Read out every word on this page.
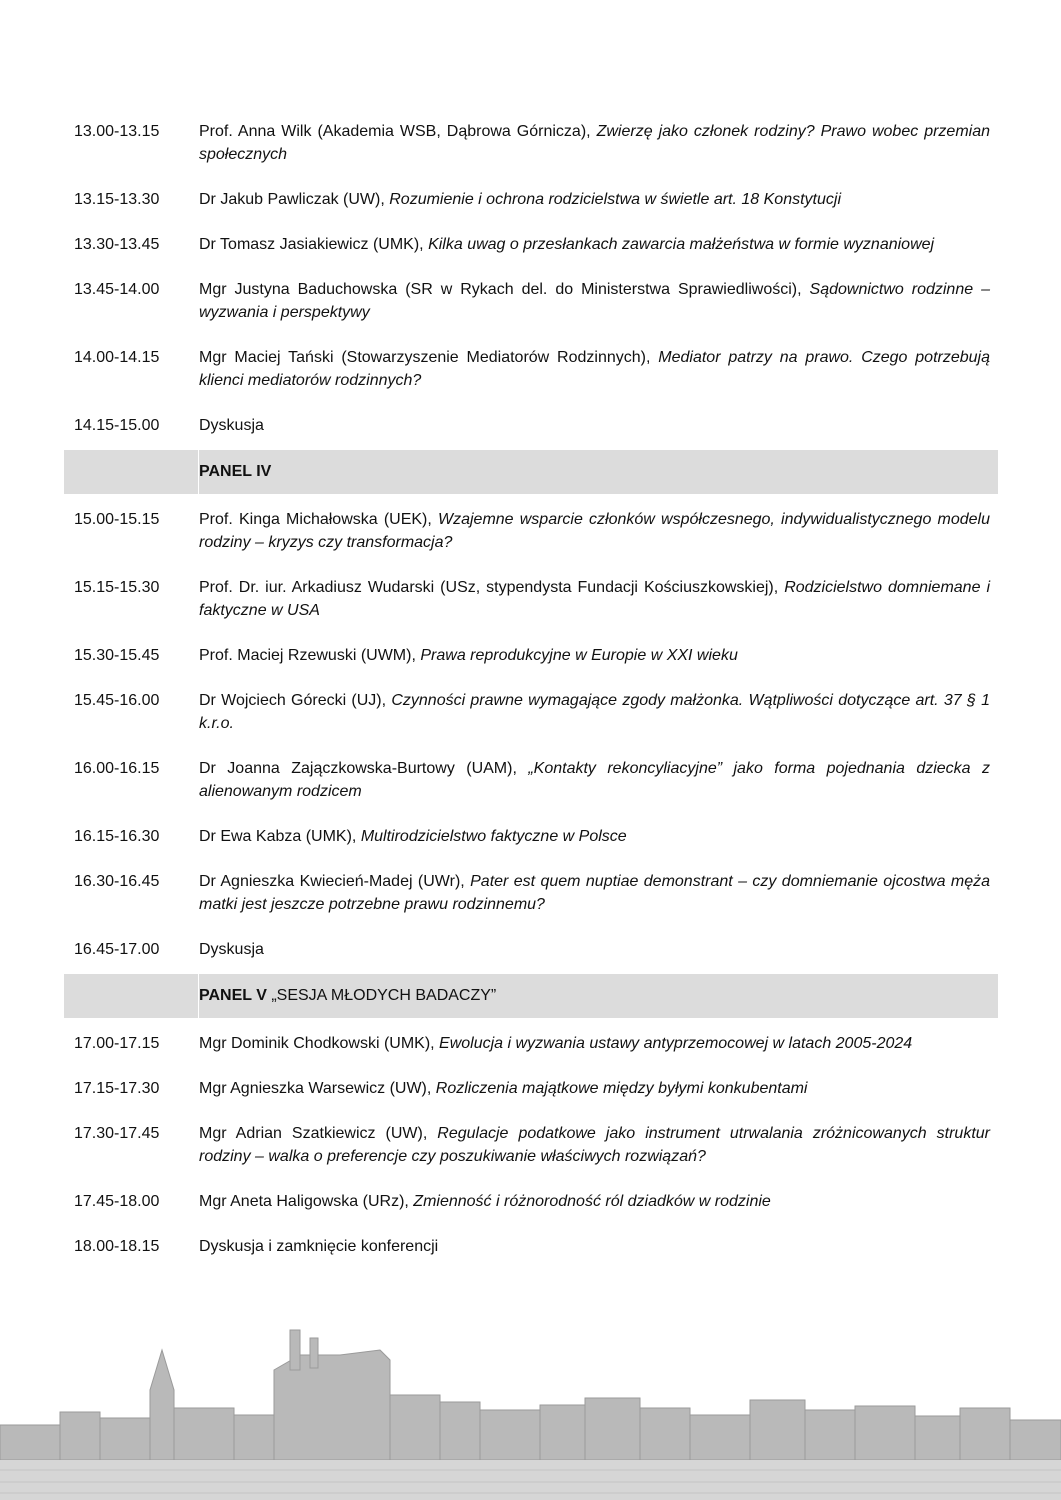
13.00-13.15	Prof. Anna Wilk (Akademia WSB, Dąbrowa Górnicza), Zwierzę jako członek rodziny? Prawo wobec przemian społecznych
13.15-13.30	Dr Jakub Pawliczak (UW), Rozumienie i ochrona rodzicielstwa w świetle art. 18 Konstytucji
13.30-13.45	Dr Tomasz Jasiakiewicz (UMK), Kilka uwag o przesłankach zawarcia małżeństwa w formie wyznaniowej
13.45-14.00	Mgr Justyna Baduchowska (SR w Rykach del. do Ministerstwa Sprawiedliwości), Sądownictwo rodzinne – wyzwania i perspektywy
14.00-14.15	Mgr Maciej Tański (Stowarzyszenie Mediatorów Rodzinnych), Mediator patrzy na prawo. Czego potrzebują klienci mediatorów rodzinnych?
14.15-15.00	Dyskusja
PANEL IV
15.00-15.15	Prof. Kinga Michałowska (UEK), Wzajemne wsparcie członków współczesnego, indywidualistycznego modelu rodziny – kryzys czy transformacja?
15.15-15.30	Prof. Dr. iur. Arkadiusz Wudarski (USz, stypendysta Fundacji Kościuszkowskiej), Rodzicielstwo domniemane i faktyczne w USA
15.30-15.45	Prof. Maciej Rzewuski (UWM), Prawa reprodukcyjne w Europie w XXI wieku
15.45-16.00	Dr Wojciech Górecki (UJ), Czynności prawne wymagające zgody małżonka. Wątpliwości dotyczące art. 37 § 1 k.r.o.
16.00-16.15	Dr Joanna Zajączkowska-Burtowy (UAM), „Kontakty rekoncyliacyjne” jako forma pojednania dziecka z alienowanym rodzicem
16.15-16.30	Dr Ewa Kabza (UMK), Multirodzicielstwo faktyczne w Polsce
16.30-16.45	Dr Agnieszka Kwiecień-Madej (UWr), Pater est quem nuptiae demonstrant – czy domniemanie ojcostwa męża matki jest jeszcze potrzebne prawu rodzinnemu?
16.45-17.00	Dyskusja
PANEL V „SESJA MŁODYCH BADACZY”
17.00-17.15	Mgr Dominik Chodkowski (UMK), Ewolucja i wyzwania ustawy antyprzemocowej w latach 2005-2024
17.15-17.30	Mgr Agnieszka Warsewicz (UW), Rozliczenia majątkowe między byłymi konkubentami
17.30-17.45	Mgr Adrian Szatkiewicz (UW), Regulacje podatkowe jako instrument utrwalania zróżnicowanych struktur rodziny – walka o preferencje czy poszukiwanie właściwych rozwiązań?
17.45-18.00	Mgr Aneta Haligowska (URz), Zmienność i różnorodność ról dziadków w rodzinie
18.00-18.15	Dyskusja i zamknięcie konferencji
